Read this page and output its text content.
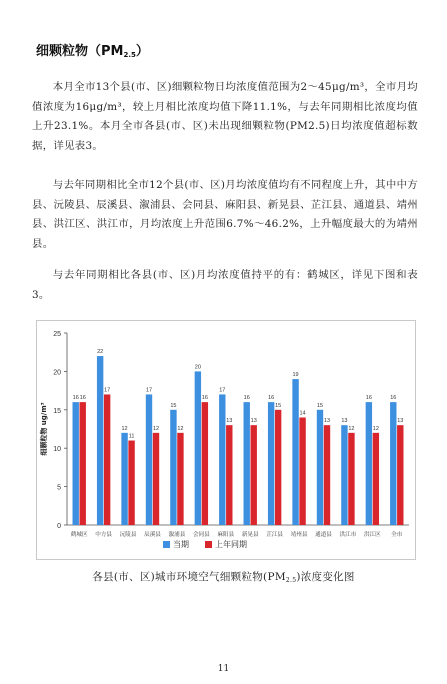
细颗粒物$(PM_{2.5})$

本月全市13个县(市、区)细颗粒物日均浓度值范围为2～45μg/m³，全市月均值浓度为16μg/m³，较上月相比浓度均值下降11.1%，与去年同期相比浓度均值上升23.1%。本月全市各县(市、区)未出现细颗粒物(PM2.5)日均浓度值超标数据，详见表3。

与去年同期相比全市12个县(市、区)月均浓度值均有不同程度上升，其中中方县、沅陵县、辰溪县、溆浦县、会同县、麻阳县、新晃县、芷江县、通道县、靖州县、洪江区、洪江市，月均浓度上升范围6.7%～46.2%，上升幅度最大的为靖州县。

与去年同期相比各县(市、区)月均浓度值持平的有：鹤城区，详见下图和表3。

0
5
10
15
20
25
细颗粒物 ug/m³
16 16
鹤城区
22
17
中方县
12
11
沅陵县
17
12
辰溪县
15
12
溆浦县
20
16
会同县
17
13
麻阳县
16
13
新晃县
16
15
芷江县
19
14
靖州县
15
13
通道县
13
12
洪江市
16
12
洪江区
16
13
全市
当期	上年同期
各县(市、区)城市环境空气细颗粒物$(PM_{2.5})$浓度变化图
11
